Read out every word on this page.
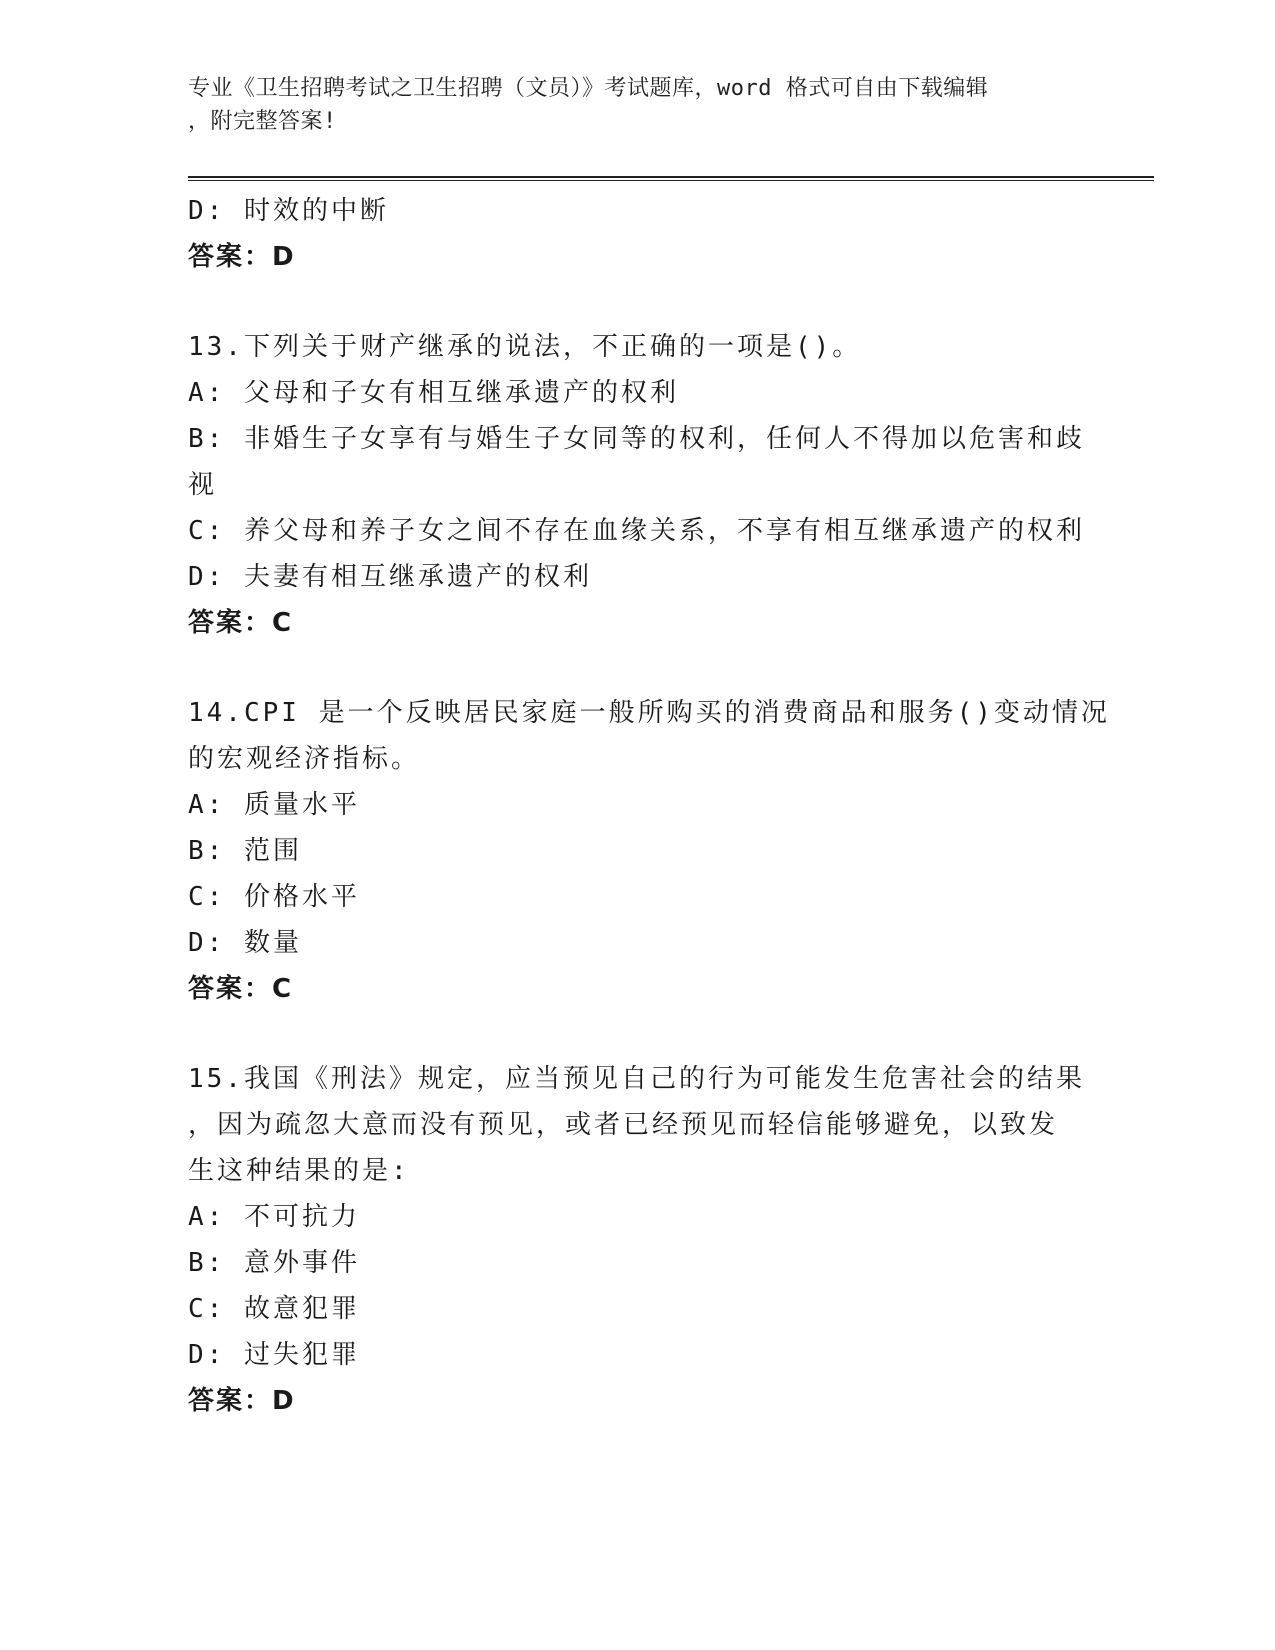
专业《卫生招聘考试之卫生招聘（文员）》考试题库，word 格式可自由下载编辑
，附完整答案!
D: 时效的中断
答案：D
13.下列关于财产继承的说法，不正确的一项是()。
A: 父母和子女有相互继承遗产的权利
B: 非婚生子女享有与婚生子女同等的权利，任何人不得加以危害和歧
视
C: 养父母和养子女之间不存在血缘关系，不享有相互继承遗产的权利
D: 夫妻有相互继承遗产的权利
答案：C
14.CPI 是一个反映居民家庭一般所购买的消费商品和服务()变动情况
的宏观经济指标。
A: 质量水平
B: 范围
C: 价格水平
D: 数量
答案：C
15.我国《刑法》规定，应当预见自己的行为可能发生危害社会的结果
，因为疏忽大意而没有预见，或者已经预见而轻信能够避免，以致发
生这种结果的是:
A: 不可抗力
B: 意外事件
C: 故意犯罪
D: 过失犯罪
答案：D
